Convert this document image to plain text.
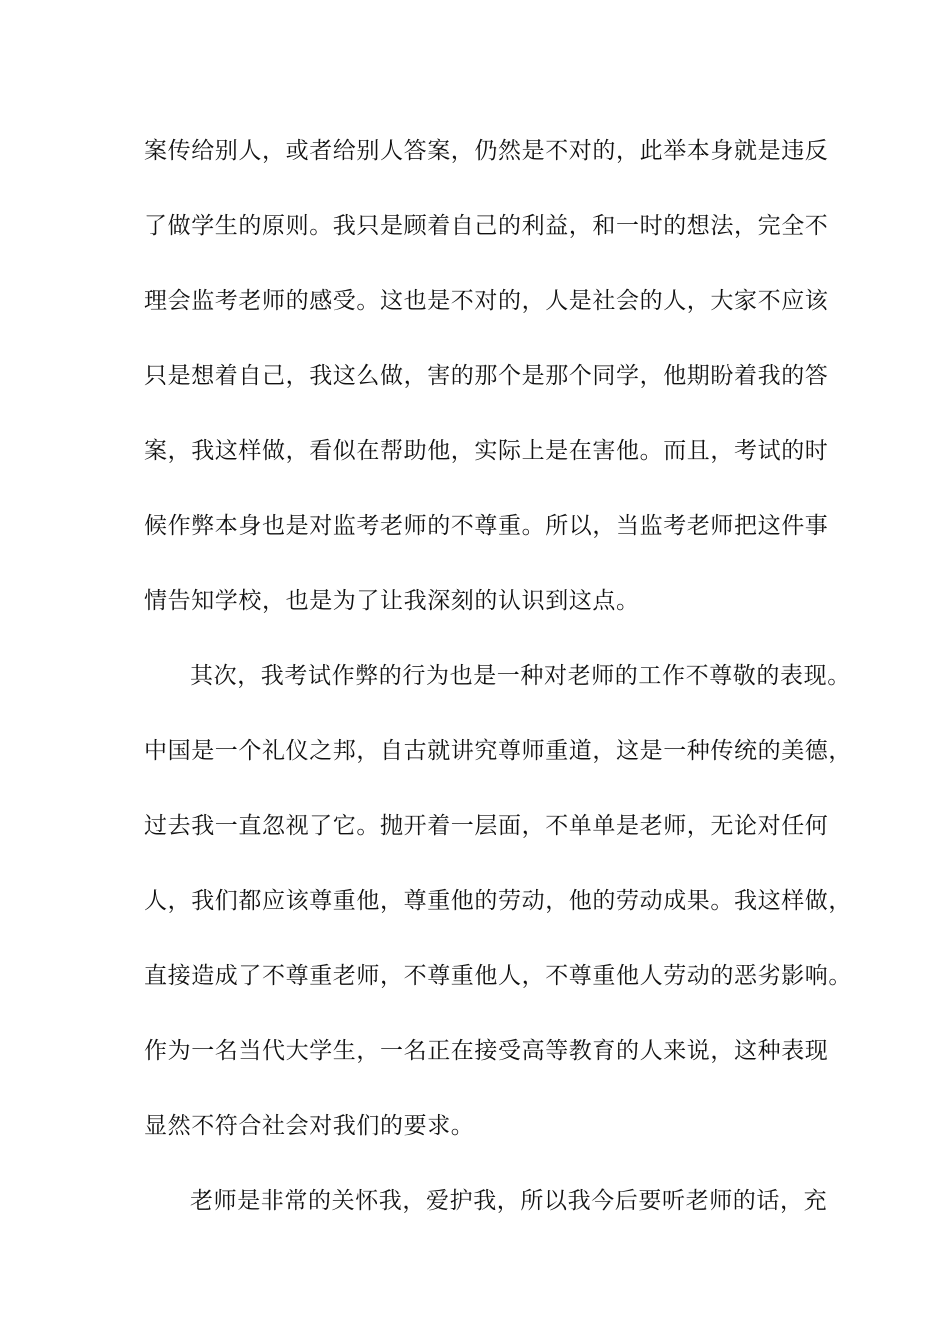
案传给别人，或者给别人答案，仍然是不对的，此举本身就是违反
了做学生的原则。我只是顾着自己的利益，和一时的想法，完全不
理会监考老师的感受。这也是不对的，人是社会的人，大家不应该
只是想着自己，我这么做，害的那个是那个同学，他期盼着我的答
案，我这样做，看似在帮助他，实际上是在害他。而且，考试的时
候作弊本身也是对监考老师的不尊重。所以，当监考老师把这件事
情告知学校，也是为了让我深刻的认识到这点。
其次，我考试作弊的行为也是一种对老师的工作不尊敬的表现。
中国是一个礼仪之邦，自古就讲究尊师重道，这是一种传统的美德，
过去我一直忽视了它。抛开着一层面，不单单是老师，无论对任何
人，我们都应该尊重他，尊重他的劳动，他的劳动成果。我这样做，
直接造成了不尊重老师，不尊重他人，不尊重他人劳动的恶劣影响。
作为一名当代大学生，一名正在接受高等教育的人来说，这种表现
显然不符合社会对我们的要求。
老师是非常的关怀我，爱护我，所以我今后要听老师的话，充
